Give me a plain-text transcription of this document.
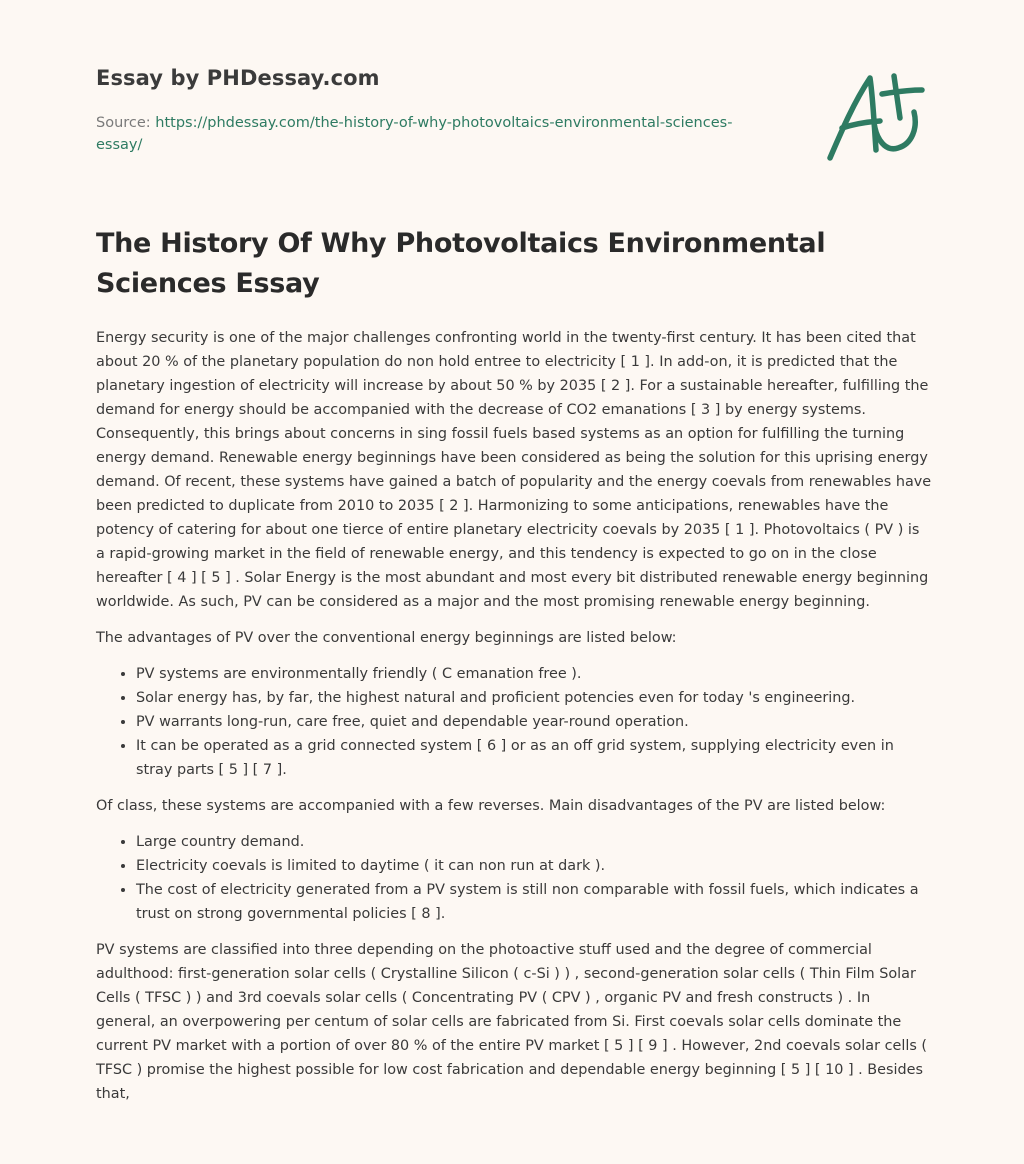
Essay by PHDessay.com
Source: https://phdessay.com/the-history-of-why-photovoltaics-environmental-sciences-essay/
The History Of Why Photovoltaics Environmental Sciences Essay

Energy security is one of the major challenges confronting world in the twenty-first century. It has been cited that about 20 % of the planetary population do non hold entree to electricity [ 1 ]. In add-on, it is predicted that the planetary ingestion of electricity will increase by about 50 % by 2035 [ 2 ]. For a sustainable hereafter, fulfilling the demand for energy should be accompanied with the decrease of CO2 emanations [ 3 ] by energy systems. Consequently, this brings about concerns in sing fossil fuels based systems as an option for fulfilling the turning energy demand. Renewable energy beginnings have been considered as being the solution for this uprising energy demand. Of recent, these systems have gained a batch of popularity and the energy coevals from renewables have been predicted to duplicate from 2010 to 2035 [ 2 ]. Harmonizing to some anticipations, renewables have the potency of catering for about one tierce of entire planetary electricity coevals by 2035 [ 1 ]. Photovoltaics ( PV ) is a rapid-growing market in the field of renewable energy, and this tendency is expected to go on in the close hereafter [ 4 ] [ 5 ] . Solar Energy is the most abundant and most every bit distributed renewable energy beginning worldwide. As such, PV can be considered as a major and the most promising renewable energy beginning.

The advantages of PV over the conventional energy beginnings are listed below:

• PV systems are environmentally friendly ( C emanation free ).
• Solar energy has, by far, the highest natural and proficient potencies even for today 's engineering.
• PV warrants long-run, care free, quiet and dependable year-round operation.
• It can be operated as a grid connected system [ 6 ] or as an off grid system, supplying electricity even in stray parts [ 5 ] [ 7 ].

Of class, these systems are accompanied with a few reverses. Main disadvantages of the PV are listed below:

• Large country demand.
• Electricity coevals is limited to daytime ( it can non run at dark ).
• The cost of electricity generated from a PV system is still non comparable with fossil fuels, which indicates a trust on strong governmental policies [ 8 ].

PV systems are classified into three depending on the photoactive stuff used and the degree of commercial adulthood: first-generation solar cells ( Crystalline Silicon ( c-Si ) ) , second-generation solar cells ( Thin Film Solar Cells ( TFSC ) ) and 3rd coevals solar cells ( Concentrating PV ( CPV ) , organic PV and fresh constructs ) . In general, an overpowering per centum of solar cells are fabricated from Si. First coevals solar cells dominate the current PV market with a portion of over 80 % of the entire PV market [ 5 ] [ 9 ] . However, 2nd coevals solar cells ( TFSC ) promise the highest possible for low cost fabrication and dependable energy beginning [ 5 ] [ 10 ] . Besides that,
